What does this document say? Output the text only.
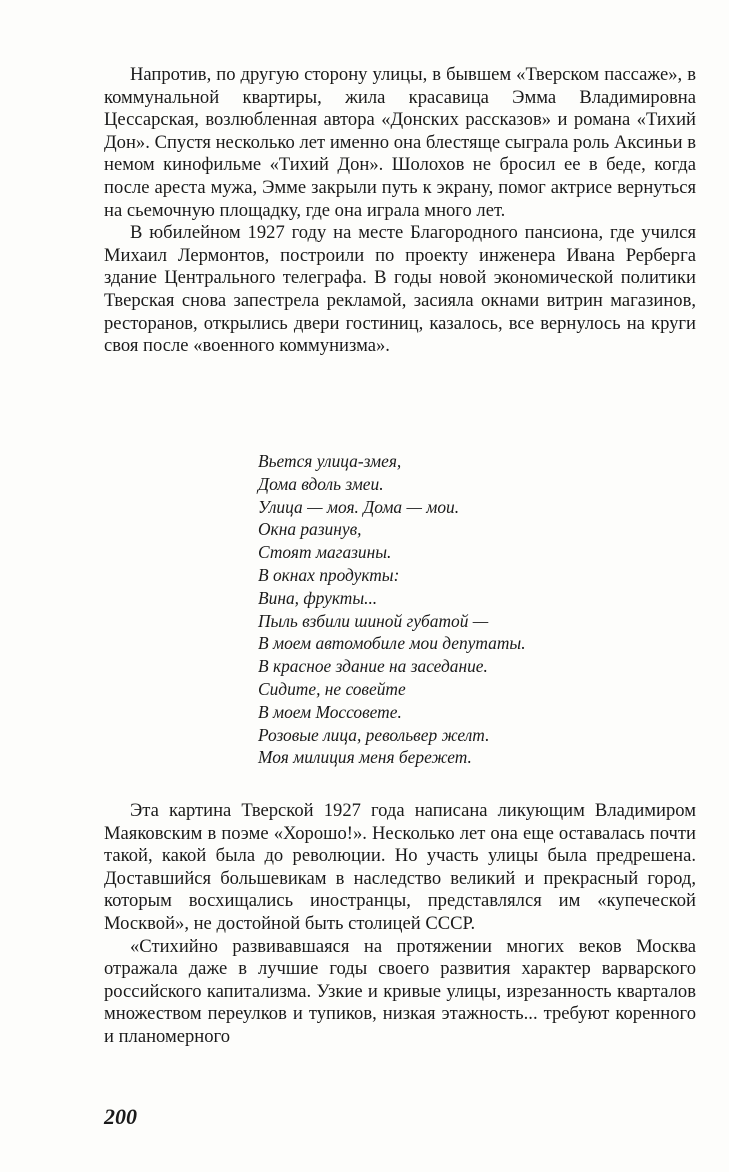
Напротив, по другую сторону улицы, в бывшем «Тверском пассаже», в коммунальной квартиры, жила красавица Эмма Владимировна Цессарская, возлюбленная автора «Донских рассказов» и романа «Тихий Дон». Спустя несколько лет именно она блестяще сыграла роль Аксиньи в немом кинофильме «Тихий Дон». Шолохов не бросил ее в беде, когда после ареста мужа, Эмме закрыли путь к экрану, помог актрисе вернуться на сьемочную площадку, где она играла много лет.

В юбилейном 1927 году на месте Благородного пансиона, где учился Михаил Лермонтов, построили по проекту инженера Ивана Рерберга здание Центрального телеграфа. В годы новой экономической политики Тверская снова запестрела рекламой, засияла окнами витрин магазинов, ресторанов, открылись двери гостиниц, казалось, все вернулось на круги своя после «военного коммунизма».

Вьется улица-змея,
Дома вдоль змеи.
Улица — моя. Дома — мои.
Окна разинув,
Стоят магазины.
В окнах продукты:
Вина, фрукты...
Пыль взбили шиной губатой —
В моем автомобиле мои депутаты.
В красное здание на заседание.
Сидите, не совейте
В моем Моссовете.
Розовые лица, револьвер желт.
Моя милиция меня бережет.

Эта картина Тверской 1927 года написана ликующим Владимиром Маяковским в поэме «Хорошо!». Несколько лет она еще оставалась почти такой, какой была до революции. Но участь улицы была предрешена. Доставшийся большевикам в наследство великий и прекрасный город, которым восхищались иностранцы, представлялся им «купеческой Москвой», не достойной быть столицей СССР.

«Стихийно развивавшаяся на протяжении многих веков Москва отражала даже в лучшие годы своего развития характер варварского российского капитализма. Узкие и кривые улицы, изрезанность кварталов множеством переулков и тупиков, низкая этажность... требуют коренного и планомерного

200
